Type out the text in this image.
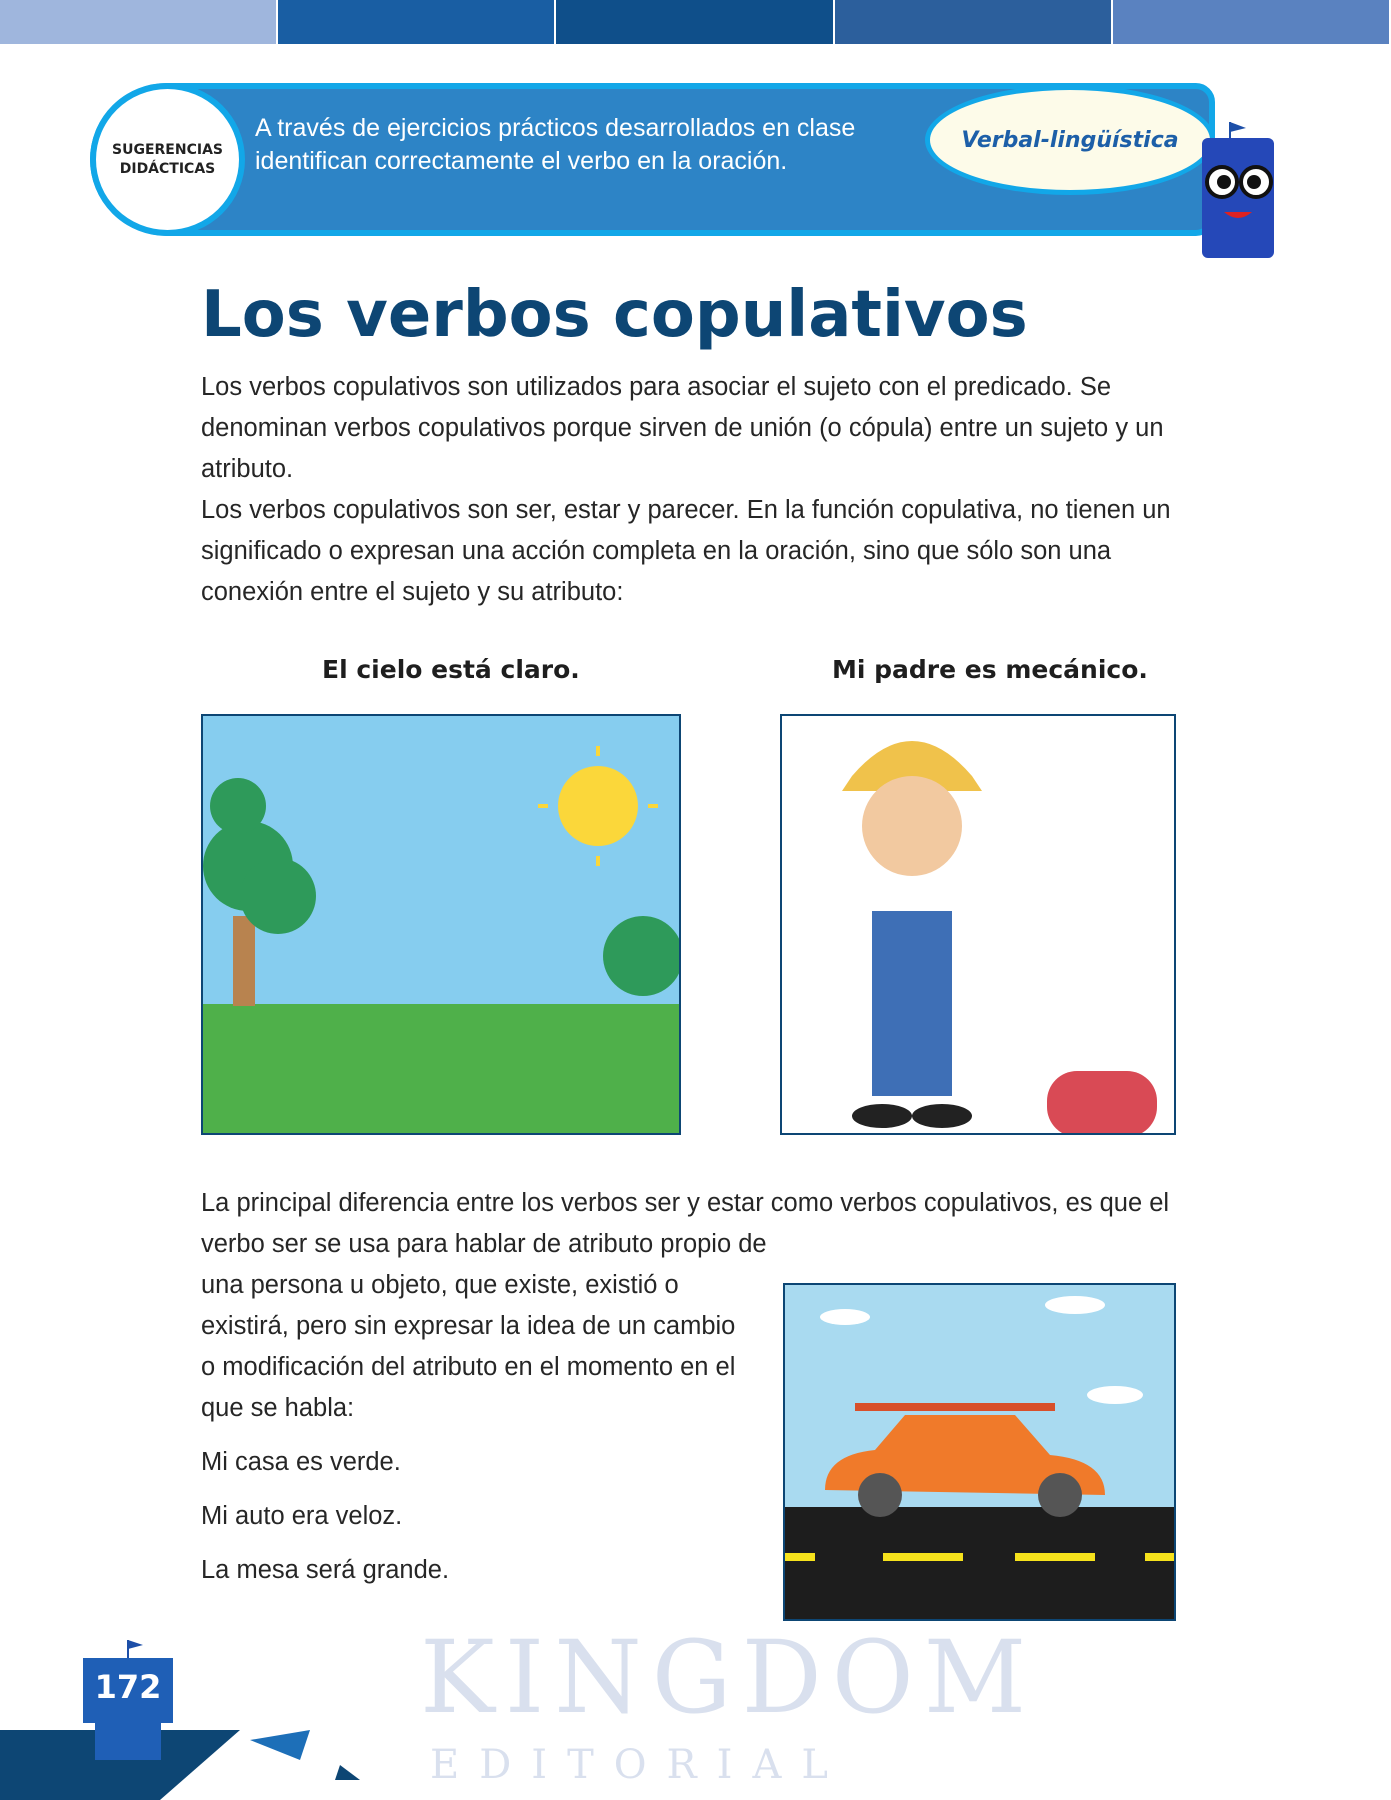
KINGDOM
EDITORIAL
SUGERENCIAS DIDÁCTICAS
A través de ejercicios prácticos desarrollados en clase identifican correctamente el verbo en la oración.
Verbal-lingüística
Los verbos copulativos
Los verbos copulativos son utilizados para asociar el sujeto con el predicado. Se denominan verbos copulativos porque sirven de unión (o cópula) entre un sujeto y un atributo.
Los verbos copulativos son ser, estar y parecer. En la función copulativa, no tienen un significado o expresan una acción completa en la oración, sino que sólo son una conexión entre el sujeto y su atributo:
El cielo está claro.	Mi padre es mecánico.
La principal diferencia entre los verbos ser y estar como verbos copulativos, es que el verbo ser se usa para hablar de atributo propio de
una persona u objeto, que existe, existió o existirá, pero sin expresar la idea de un cambio o modificación del atributo en el momento en el que se habla:
Mi casa es verde.
Mi auto era veloz.
La mesa será grande.
172
